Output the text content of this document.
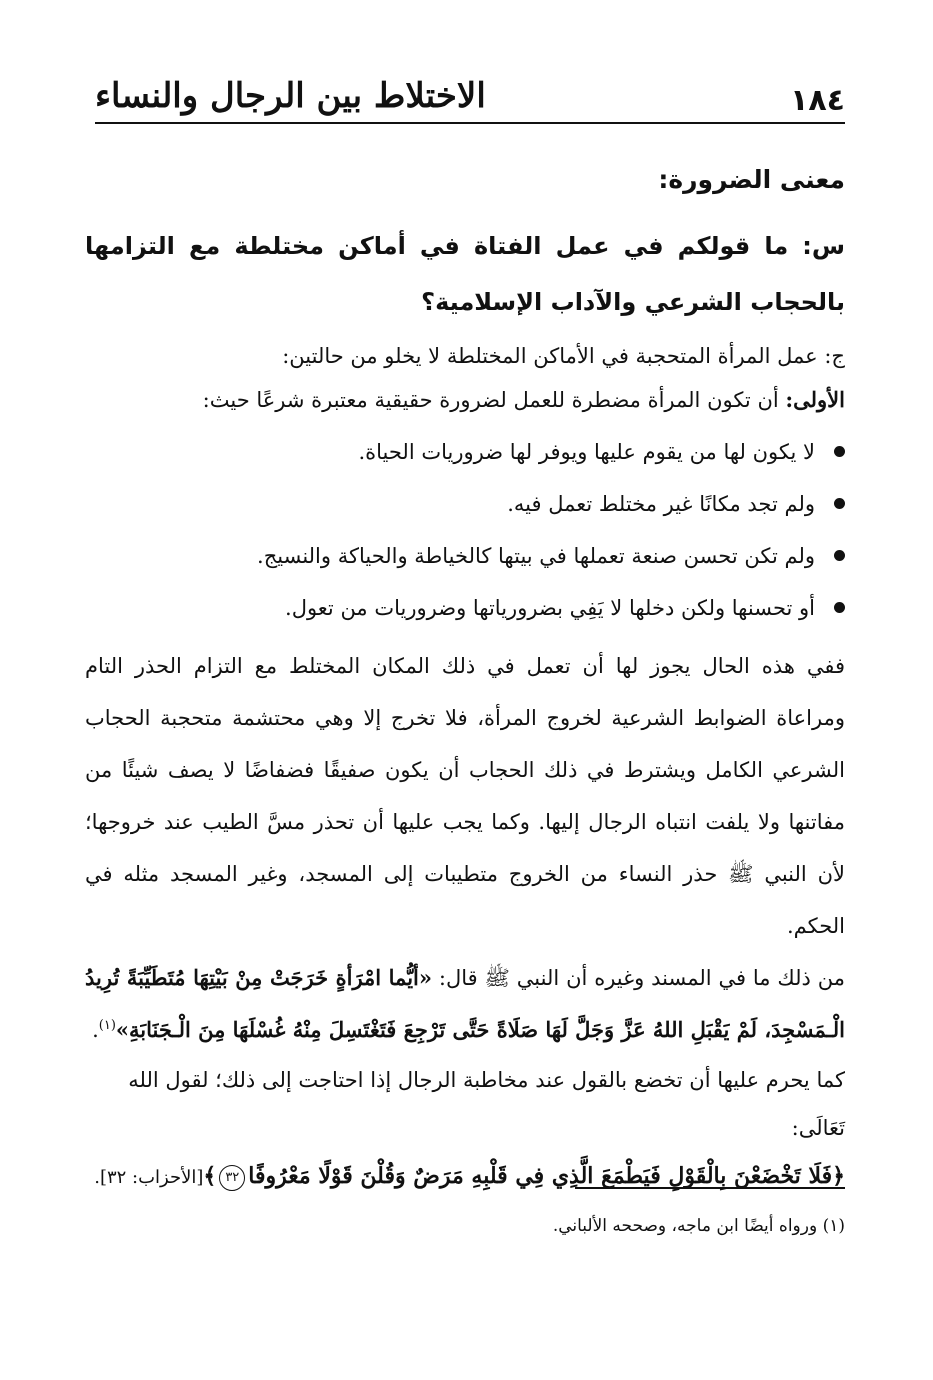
الاختلاط بين الرجال والنساء	١٨٤

معنى الضرورة:

س: ما قولكم في عمل الفتاة في أماكن مختلطة مع التزامها بالحجاب الشرعي والآداب الإسلامية؟

ج: عمل المرأة المتحجبة في الأماكن المختلطة لا يخلو من حالتين:

الأولى: أن تكون المرأة مضطرة للعمل لضرورة حقيقية معتبرة شرعًا حيث:

لا يكون لها من يقوم عليها ويوفر لها ضروريات الحياة.
ولم تجد مكانًا غير مختلط تعمل فيه.
ولم تكن تحسن صنعة تعملها في بيتها كالخياطة والحياكة والنسيج.
أو تحسنها ولكن دخلها لا يَفِي بضرورياتها وضروريات من تعول.

ففي هذه الحال يجوز لها أن تعمل في ذلك المكان المختلط مع التزام الحذر التام ومراعاة الضوابط الشرعية لخروج المرأة، فلا تخرج إلا وهي محتشمة متحجبة الحجاب الشرعي الكامل ويشترط في ذلك الحجاب أن يكون صفيقًا فضفاضًا لا يصف شيئًا من مفاتنها ولا يلفت انتباه الرجال إليها. وكما يجب عليها أن تحذر مسَّ الطيب عند خروجها؛ لأن النبي ﷺ حذر النساء من الخروج متطيبات إلى المسجد، وغير المسجد مثله في الحكم.

من ذلك ما في المسند وغيره أن النبي ﷺ قال: «أيُّما امْرَأةٍ خَرَجَتْ مِنْ بَيْتِهَا مُتَطَيِّبَةً تُرِيدُ الْـمَسْجِدَ، لَمْ يَقْبَلِ اللهُ عَزَّ وَجَلَّ لَهَا صَلَاةً حَتَّى تَرْجِعَ فَتَغْتَسِلَ مِنْهُ غُسْلَهَا مِنَ الْـجَنَابَةِ»$^{(١)}$.

كما يحرم عليها أن تخضع بالقول عند مخاطبة الرجال إذا احتاجت إلى ذلك؛ لقول الله تَعَالَى:

﴿فَلَا تَخْضَعْنَ بِالْقَوْلِ فَيَطْمَعَ الَّذِي فِي قَلْبِهِ مَرَضٌ وَقُلْنَ قَوْلًا مَعْرُوفًا٣٢﴾[الأحزاب: ٣٢].

(١) ورواه أيضًا ابن ماجه، وصححه الألباني.
